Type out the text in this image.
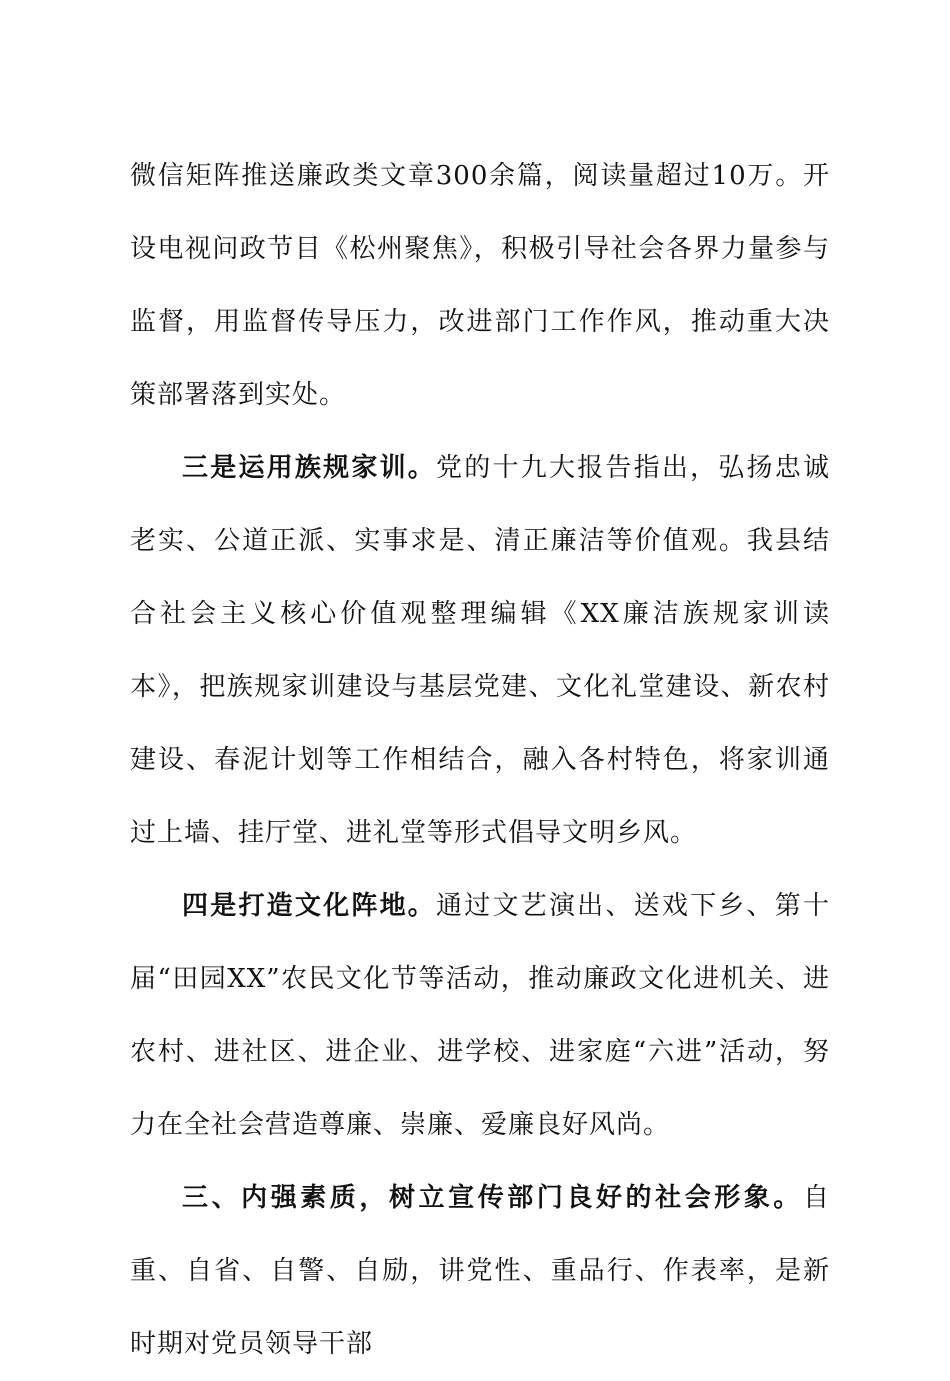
微信矩阵推送廉政类文章300余篇，阅读量超过10万。开设电视问政节目《松州聚焦》，积极引导社会各界力量参与监督，用监督传导压力，改进部门工作作风，推动重大决策部署落到实处。

三是运用族规家训。党的十九大报告指出，弘扬忠诚老实、公道正派、实事求是、清正廉洁等价值观。我县结合社会主义核心价值观整理编辑《XX廉洁族规家训读本》，把族规家训建设与基层党建、文化礼堂建设、新农村建设、春泥计划等工作相结合，融入各村特色，将家训通过上墙、挂厅堂、进礼堂等形式倡导文明乡风。

四是打造文化阵地。通过文艺演出、送戏下乡、第十届“田园XX”农民文化节等活动，推动廉政文化进机关、进农村、进社区、进企业、进学校、进家庭“六进”活动，努力在全社会营造尊廉、崇廉、爱廉良好风尚。

三、内强素质，树立宣传部门良好的社会形象。自重、自省、自警、自励，讲党性、重品行、作表率，是新时期对党员领导干部
